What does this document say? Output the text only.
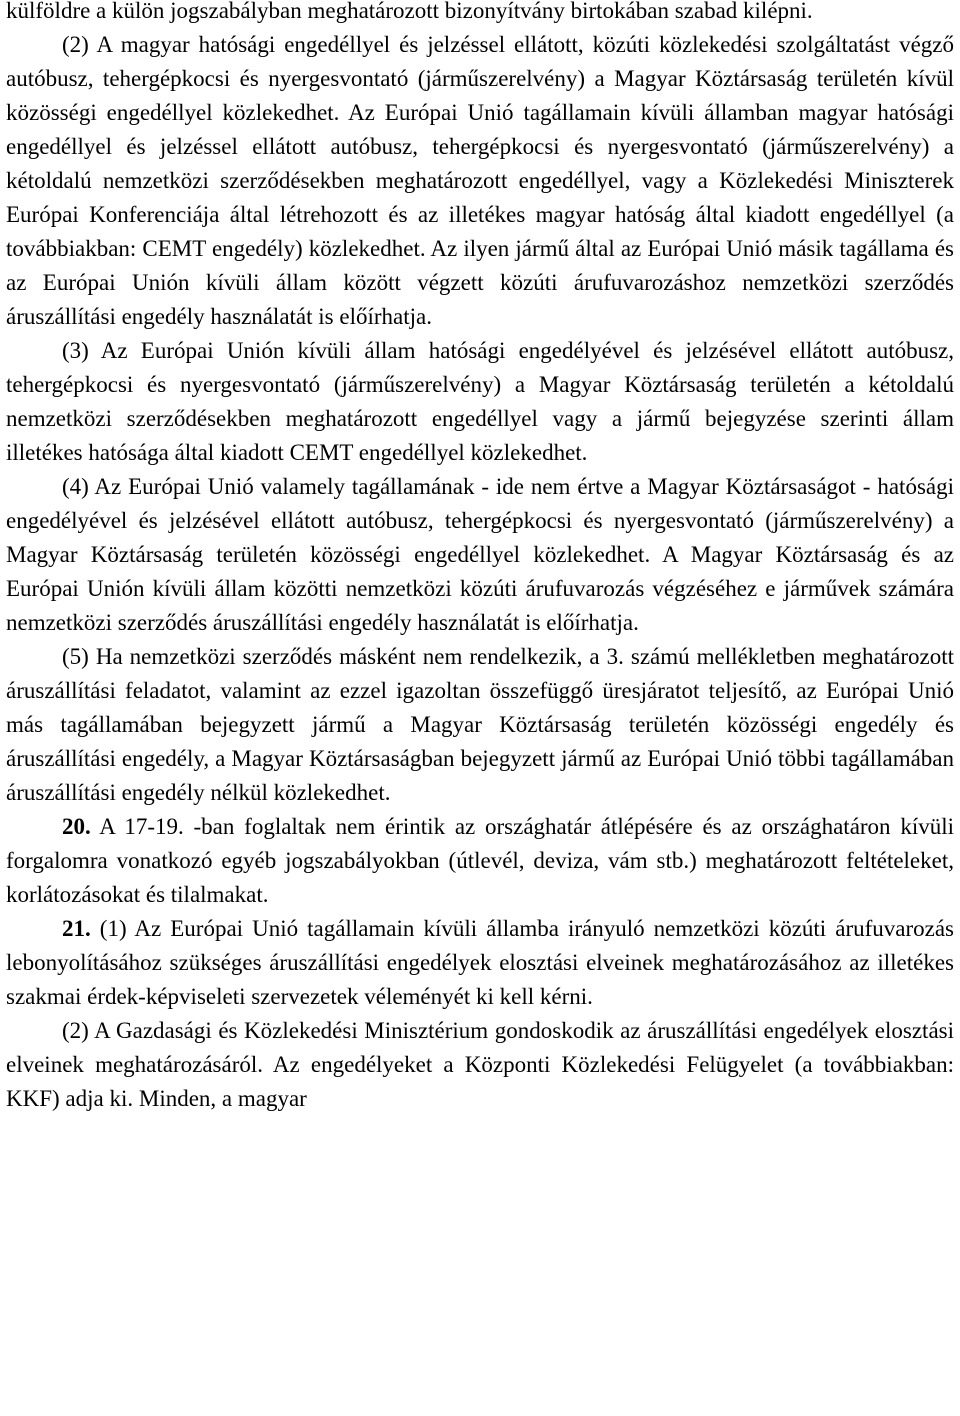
külföldre a külön jogszabályban meghatározott bizonyítvány birtokában szabad kilépni.

(2) A magyar hatósági engedéllyel és jelzéssel ellátott, közúti közlekedési szolgáltatást végző autóbusz, tehergépkocsi és nyergesvontató (járműszerelvény) a Magyar Köztársaság területén kívül közösségi engedéllyel közlekedhet. Az Európai Unió tagállamain kívüli államban magyar hatósági engedéllyel és jelzéssel ellátott autóbusz, tehergépkocsi és nyergesvontató (járműszerelvény) a kétoldalú nemzetközi szerződésekben meghatározott engedéllyel, vagy a Közlekedési Miniszterek Európai Konferenciája által létrehozott és az illetékes magyar hatóság által kiadott engedéllyel (a továbbiakban: CEMT engedély) közlekedhet. Az ilyen jármű által az Európai Unió másik tagállama és az Európai Unión kívüli állam között végzett közúti árufuvarozáshoz nemzetközi szerződés áruszállítási engedély használatát is előírhatja.

(3) Az Európai Unión kívüli állam hatósági engedélyével és jelzésével ellátott autóbusz, tehergépkocsi és nyergesvontató (járműszerelvény) a Magyar Köztársaság területén a kétoldalú nemzetközi szerződésekben meghatározott engedéllyel vagy a jármű bejegyzése szerinti állam illetékes hatósága által kiadott CEMT engedéllyel közlekedhet.

(4) Az Európai Unió valamely tagállamának - ide nem értve a Magyar Köztársaságot - hatósági engedélyével és jelzésével ellátott autóbusz, tehergépkocsi és nyergesvontató (járműszerelvény) a Magyar Köztársaság területén közösségi engedéllyel közlekedhet. A Magyar Köztársaság és az Európai Unión kívüli állam közötti nemzetközi közúti árufuvarozás végzéséhez e járművek számára nemzetközi szerződés áruszállítási engedély használatát is előírhatja.

(5) Ha nemzetközi szerződés másként nem rendelkezik, a 3. számú mellékletben meghatározott áruszállítási feladatot, valamint az ezzel igazoltan összefüggő üresjáratot teljesítő, az Európai Unió más tagállamában bejegyzett jármű a Magyar Köztársaság területén közösségi engedély és áruszállítási engedély, a Magyar Köztársaságban bejegyzett jármű az Európai Unió többi tagállamában áruszállítási engedély nélkül közlekedhet.

20. A 17-19. -ban foglaltak nem érintik az országhatár átlépésére és az országhatáron kívüli forgalomra vonatkozó egyéb jogszabályokban (útlevél, deviza, vám stb.) meghatározott feltételeket, korlátozásokat és tilalmakat.

21. (1) Az Európai Unió tagállamain kívüli államba irányuló nemzetközi közúti árufuvarozás lebonyolításához szükséges áruszállítási engedélyek elosztási elveinek meghatározásához az illetékes szakmai érdek-képviseleti szervezetek véleményét ki kell kérni.

(2) A Gazdasági és Közlekedési Minisztérium gondoskodik az áruszállítási engedélyek elosztási elveinek meghatározásáról. Az engedélyeket a Központi Közlekedési Felügyelet (a továbbiakban: KKF) adja ki. Minden, a magyar
